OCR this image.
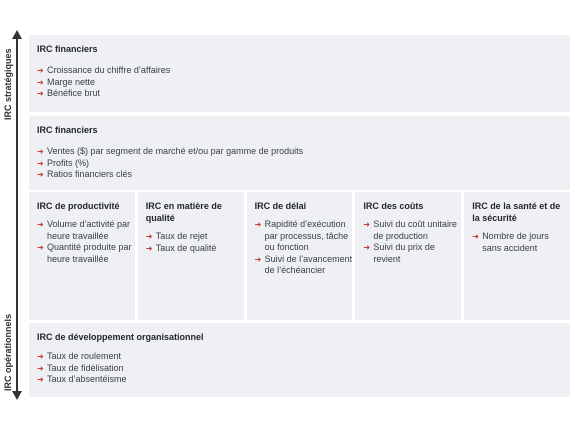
IRC stratégiques
IRC opérationnels
IRC financiers
➜ Croissance du chiffre d’affaires
➜ Marge nette
➜ Bénéfice brut
IRC financiers
➜ Ventes ($) par segment de marché et/ou par gamme de produits
➜ Profits (%)
➜ Ratios financiers clés
IRC de productivité
➜ Volume d’activité par heure travaillée
➜ Quantité produite par heure travaillée
IRC en matière de qualité
➜ Taux de rejet
➜ Taux de qualité
IRC de délai
➜ Rapidité d’exécution par processus, tâche ou fonction
➜ Suivi de l’avancement de l’échéancier
IRC des coûts
➜ Suivi du coût unitaire de production
➜ Suivi du prix de revient
IRC de la santé et de la sécurité
➜ Nombre de jours sans accident
IRC de développement organisationnel
➜ Taux de roulement
➜ Taux de fidélisation
➜ Taux d’absentéisme
